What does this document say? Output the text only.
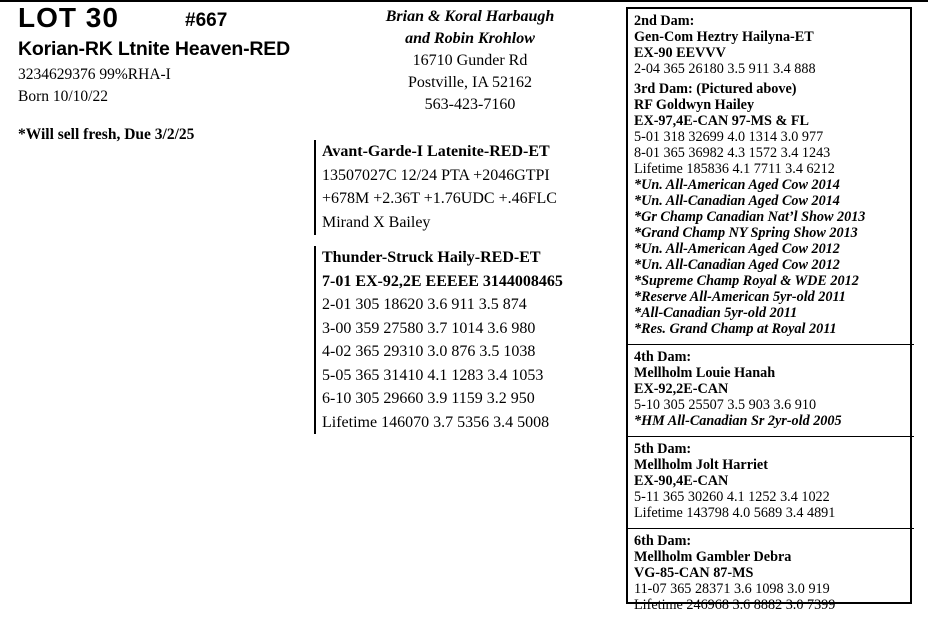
LOT 30	#667
Korian-RK Ltnite Heaven-RED
3234629376 99%RHA-I
Born 10/10/22
*Will sell fresh, Due 3/2/25
Brian & Koral Harbaugh
and Robin Krohlow
16710 Gunder Rd
Postville, IA 52162
563-423-7160
Avant-Garde-I Latenite-RED-ET
13507027C 12/24 PTA +2046GTPI
+678M +2.36T +1.76UDC +.46FLC
Mirand X Bailey
Thunder-Struck Haily-RED-ET
7-01 EX-92,2E EEEEE 3144008465
2-01 305 18620 3.6 911 3.5 874
3-00 359 27580 3.7 1014 3.6 980
4-02 365 29310 3.0 876 3.5 1038
5-05 365 31410 4.1 1283 3.4 1053
6-10 305 29660 3.9 1159 3.2 950
Lifetime 146070 3.7 5356 3.4 5008
2nd Dam:
Gen-Com Heztry Hailyna-ET
EX-90 EEVVV
2-04 365 26180 3.5 911 3.4 888
3rd Dam: (Pictured above)
RF Goldwyn Hailey
EX-97,4E-CAN 97-MS & FL
5-01 318 32699 4.0 1314 3.0 977
8-01 365 36982 4.3 1572 3.4 1243
Lifetime 185836 4.1 7711 3.4 6212
*Un. All-American Aged Cow 2014
*Un. All-Canadian Aged Cow 2014
*Gr Champ Canadian Nat’l Show 2013
*Grand Champ NY Spring Show 2013
*Un. All-American Aged Cow 2012
*Un. All-Canadian Aged Cow 2012
*Supreme Champ Royal & WDE 2012
*Reserve All-American 5yr-old 2011
*All-Canadian 5yr-old 2011
*Res. Grand Champ at Royal 2011
4th Dam:
Mellholm Louie Hanah
EX-92,2E-CAN
5-10 305 25507 3.5 903 3.6 910
*HM All-Canadian Sr 2yr-old 2005
5th Dam:
Mellholm Jolt Harriet
EX-90,4E-CAN
5-11 365 30260 4.1 1252 3.4 1022
Lifetime 143798 4.0 5689 3.4 4891
6th Dam:
Mellholm Gambler Debra
VG-85-CAN 87-MS
11-07 365 28371 3.6 1098 3.0 919
Lifetime 246968 3.6 8882 3.0 7399
